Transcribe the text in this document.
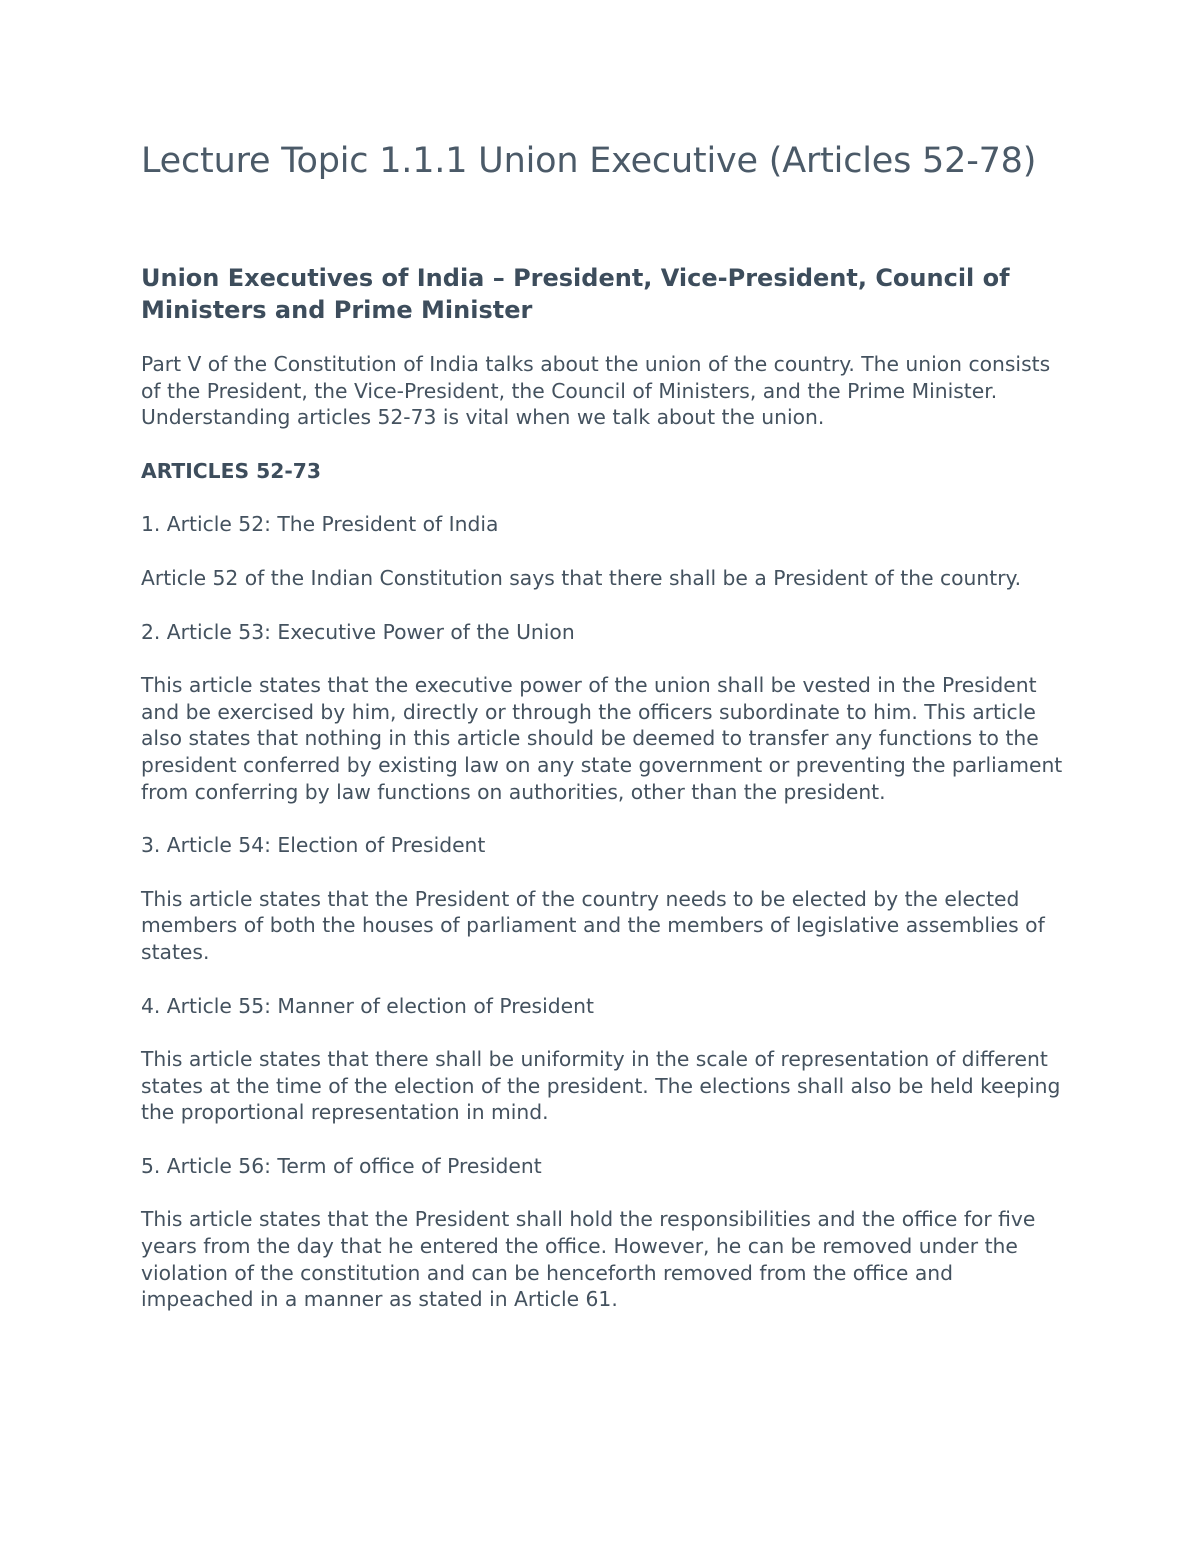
Lecture Topic 1.1.1 Union Executive (Articles 52-78)
Union Executives of India – President, Vice-President, Council of Ministers and Prime Minister

Part V of the Constitution of India talks about the union of the country. The union consists of the President, the Vice-President, the Council of Ministers, and the Prime Minister. Understanding articles 52-73 is vital when we talk about the union.

ARTICLES 52-73

1. Article 52: The President of India

Article 52 of the Indian Constitution says that there shall be a President of the country.

2. Article 53: Executive Power of the Union

This article states that the executive power of the union shall be vested in the President and be exercised by him, directly or through the officers subordinate to him. This article also states that nothing in this article should be deemed to transfer any functions to the president conferred by existing law on any state government or preventing the parliament from conferring by law functions on authorities, other than the president.

3. Article 54: Election of President

This article states that the President of the country needs to be elected by the elected members of both the houses of parliament and the members of legislative assemblies of states.

4. Article 55: Manner of election of President

This article states that there shall be uniformity in the scale of representation of different states at the time of the election of the president. The elections shall also be held keeping the proportional representation in mind.

5. Article 56: Term of office of President

This article states that the President shall hold the responsibilities and the office for five years from the day that he entered the office. However, he can be removed under the violation of the constitution and can be henceforth removed from the office and impeached in a manner as stated in Article 61.
